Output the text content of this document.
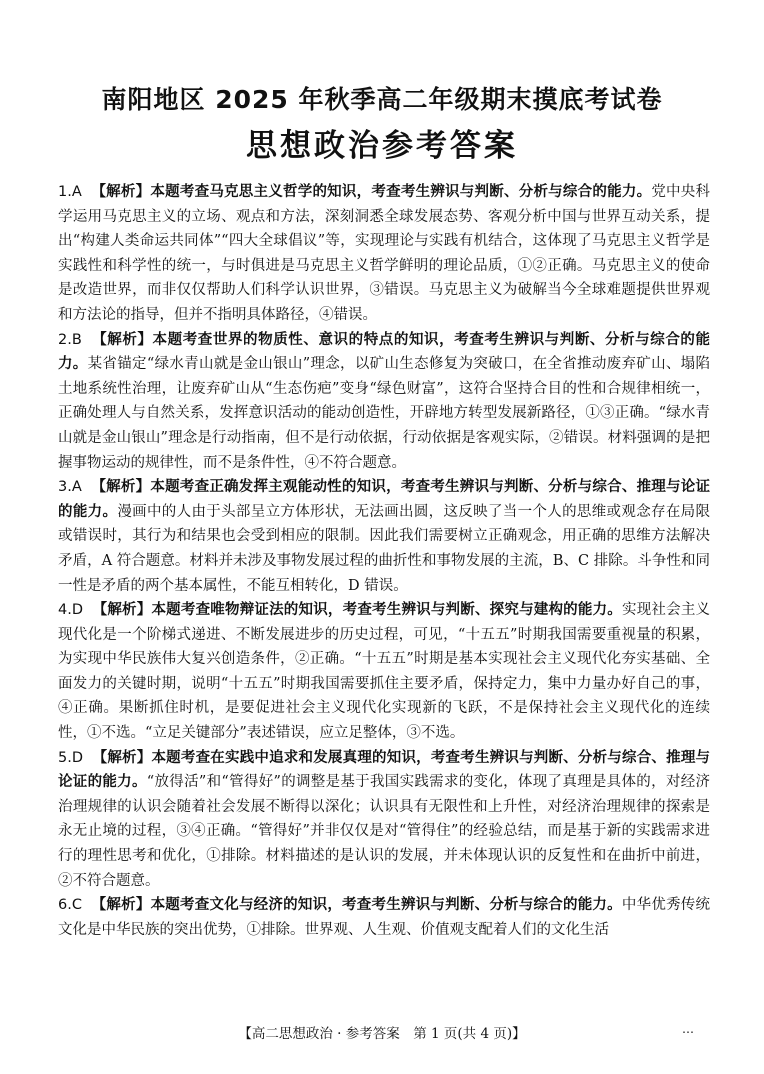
南阳地区 2025 年秋季高二年级期末摸底考试卷
思想政治参考答案

1.A 【解析】本题考查马克思主义哲学的知识，考查考生辨识与判断、分析与综合的能力。党中央科学运用马克思主义的立场、观点和方法，深刻洞悉全球发展态势、客观分析中国与世界互动关系，提出“构建人类命运共同体”“四大全球倡议”等，实现理论与实践有机结合，这体现了马克思主义哲学是实践性和科学性的统一，与时俱进是马克思主义哲学鲜明的理论品质，①②正确。马克思主义的使命是改造世界，而非仅仅帮助人们科学认识世界，③错误。马克思主义为破解当今全球难题提供世界观和方法论的指导，但并不指明具体路径，④错误。

2.B 【解析】本题考查世界的物质性、意识的特点的知识，考查考生辨识与判断、分析与综合的能力。某省锚定“绿水青山就是金山银山”理念，以矿山生态修复为突破口，在全省推动废弃矿山、塌陷土地系统性治理，让废弃矿山从“生态伤疤”变身“绿色财富”，这符合坚持合目的性和合规律相统一，正确处理人与自然关系，发挥意识活动的能动创造性，开辟地方转型发展新路径，①③正确。“绿水青山就是金山银山”理念是行动指南，但不是行动依据，行动依据是客观实际，②错误。材料强调的是把握事物运动的规律性，而不是条件性，④不符合题意。

3.A 【解析】本题考查正确发挥主观能动性的知识，考查考生辨识与判断、分析与综合、推理与论证的能力。漫画中的人由于头部呈立方体形状，无法画出圆，这反映了当一个人的思维或观念存在局限或错误时，其行为和结果也会受到相应的限制。因此我们需要树立正确观念，用正确的思维方法解决矛盾，A 符合题意。材料并未涉及事物发展过程的曲折性和事物发展的主流，B、C 排除。斗争性和同一性是矛盾的两个基本属性，不能互相转化，D 错误。

4.D 【解析】本题考查唯物辩证法的知识，考查考生辨识与判断、探究与建构的能力。实现社会主义现代化是一个阶梯式递进、不断发展进步的历史过程，可见，“十五五”时期我国需要重视量的积累，为实现中华民族伟大复兴创造条件，②正确。“十五五”时期是基本实现社会主义现代化夯实基础、全面发力的关键时期，说明“十五五”时期我国需要抓住主要矛盾，保持定力，集中力量办好自己的事，④正确。果断抓住时机，是要促进社会主义现代化实现新的飞跃，不是保持社会主义现代化的连续性，①不选。“立足关键部分”表述错误，应立足整体，③不选。

5.D 【解析】本题考查在实践中追求和发展真理的知识，考查考生辨识与判断、分析与综合、推理与论证的能力。“放得活”和“管得好”的调整是基于我国实践需求的变化，体现了真理是具体的，对经济治理规律的认识会随着社会发展不断得以深化；认识具有无限性和上升性，对经济治理规律的探索是永无止境的过程，③④正确。“管得好”并非仅仅是对“管得住”的经验总结，而是基于新的实践需求进行的理性思考和优化，①排除。材料描述的是认识的发展，并未体现认识的反复性和在曲折中前进，②不符合题意。

6.C 【解析】本题考查文化与经济的知识，考查考生辨识与判断、分析与综合的能力。中华优秀传统文化是中华民族的突出优势，①排除。世界观、人生观、价值观支配着人们的文化生活

【高二思想政治 · 参考答案　第 1 页(共 4 页)】	…
